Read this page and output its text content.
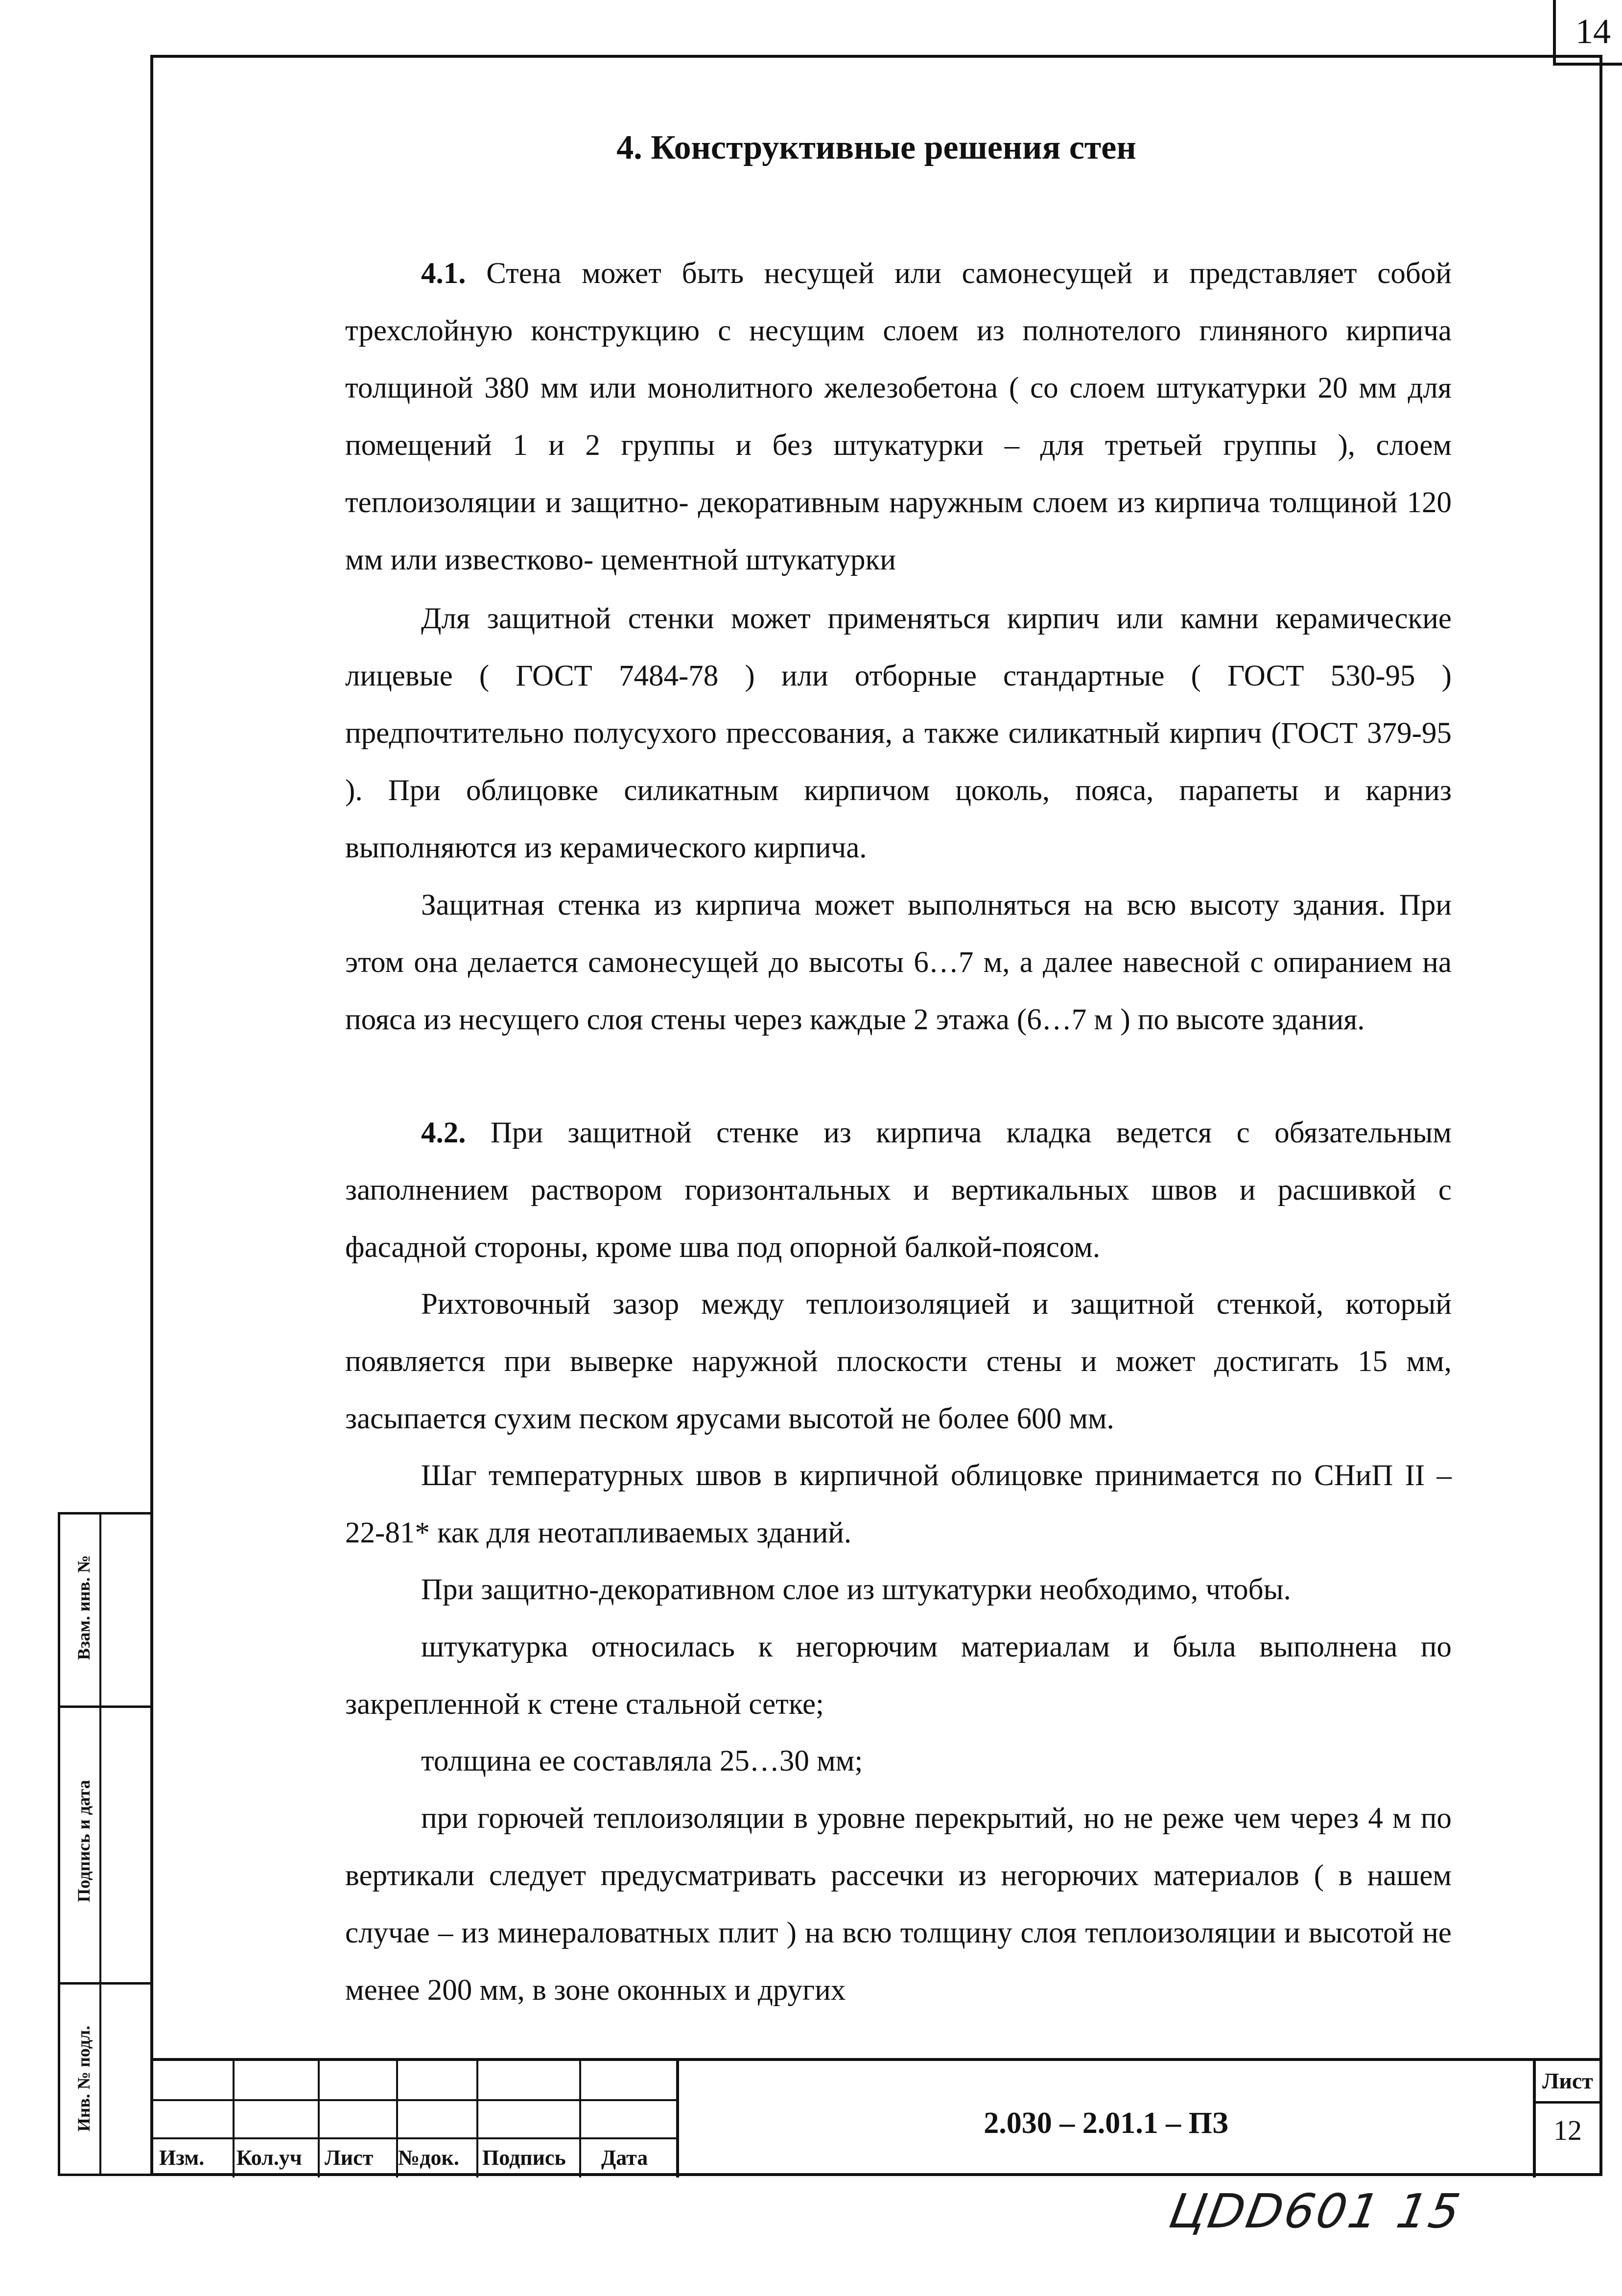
14
Взам. инв. №
Подпись и дата
Инв. № подл.
4. Конструктивные решения стен

4.1. Стена может быть несущей или самонесущей и представляет собой трехслойную конструкцию с несущим слоем из полнотелого глиняного кирпича толщиной 380 мм или монолитного железобетона ( со слоем штукатурки 20 мм для помещений 1 и 2 группы и без штукатурки – для третьей группы ), слоем теплоизоляции и защитно- декоративным наружным слоем из кирпича толщиной 120 мм или известково- цементной штукатурки

Для защитной стенки может применяться кирпич или камни керамические лицевые ( ГОСТ 7484-78 ) или отборные стандартные ( ГОСТ 530-95 ) предпочтительно полусухого прессования, а также силикатный кирпич (ГОСТ 379-95 ). При облицовке силикатным кирпичом цоколь, пояса, парапеты и карниз выполняются из керамического кирпича.

Защитная стенка из кирпича может выполняться на всю высоту здания. При этом она делается самонесущей до высоты 6…7 м, а далее навесной с опиранием на пояса из несущего слоя стены через каждые 2 этажа (6…7 м ) по высоте здания.

4.2. При защитной стенке из кирпича кладка ведется с обязательным заполнением раствором горизонтальных и вертикальных швов и расшивкой с фасадной стороны, кроме шва под опорной балкой-поясом.

Рихтовочный зазор между теплоизоляцией и защитной стенкой, который появляется при выверке наружной плоскости стены и может достигать 15 мм, засыпается сухим песком ярусами высотой не более 600 мм.

Шаг температурных швов в кирпичной облицовке принимается по СНиП II – 22-81* как для неотапливаемых зданий.

При защитно-декоративном слое из штукатурки необходимо, чтобы.

штукатурка относилась к негорючим материалам и была выполнена по закрепленной к стене стальной сетке;

толщина ее составляла 25…30 мм;

при горючей теплоизоляции в уровне перекрытий, но не реже чем через 4 м по вертикали следует предусматривать рассечки из негорючих материалов ( в нашем случае – из минераловатных плит ) на всю толщину слоя теплоизоляции и высотой не менее 200 мм, в зоне оконных и других

Изм. Кол.уч Лист №док. Подпись Дата
2.030 – 2.01.1 – ПЗ
Лист
12
ЦDD601 15
